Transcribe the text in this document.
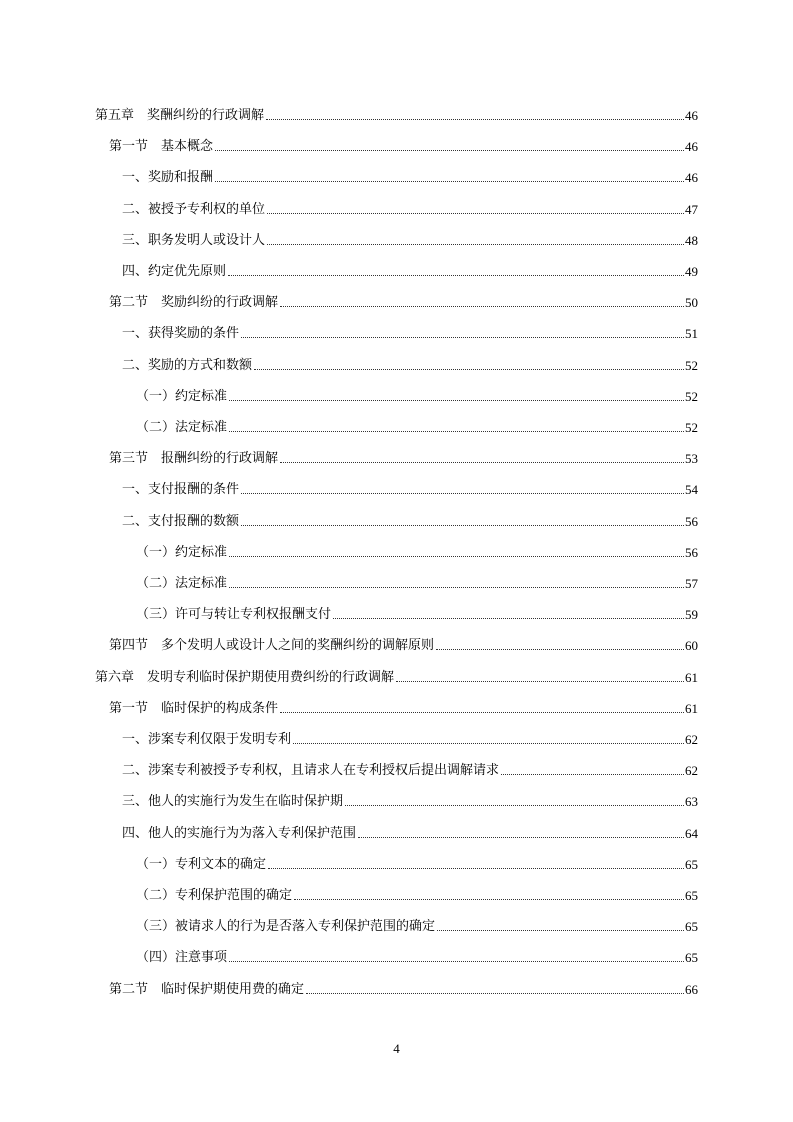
第五章　奖酬纠纷的行政调解	46
第一节　基本概念	46
一、奖励和报酬	46
二、被授予专利权的单位	47
三、职务发明人或设计人	48
四、约定优先原则	49
第二节　奖励纠纷的行政调解	50
一、获得奖励的条件	51
二、奖励的方式和数额	52
（一）约定标准	52
（二）法定标准	52
第三节　报酬纠纷的行政调解	53
一、支付报酬的条件	54
二、支付报酬的数额	56
（一）约定标准	56
（二）法定标准	57
（三）许可与转让专利权报酬支付	59
第四节　多个发明人或设计人之间的奖酬纠纷的调解原则	60
第六章　发明专利临时保护期使用费纠纷的行政调解	61
第一节　临时保护的构成条件	61
一、涉案专利仅限于发明专利	62
二、涉案专利被授予专利权，且请求人在专利授权后提出调解请求	62
三、他人的实施行为发生在临时保护期	63
四、他人的实施行为为落入专利保护范围	64
（一）专利文本的确定	65
（二）专利保护范围的确定	65
（三）被请求人的行为是否落入专利保护范围的确定	65
（四）注意事项	65
第二节　临时保护期使用费的确定	66
4
